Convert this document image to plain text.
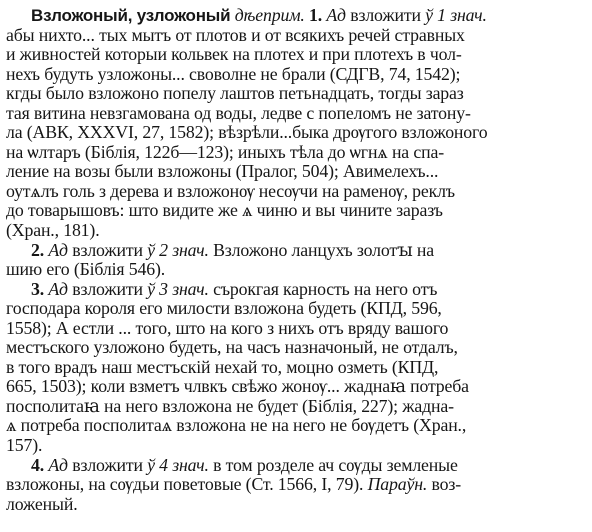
Взложоный, узложоный дѣеприм. 1. Ад взложити ў 1 знач.
абы нихто... тых мытъ от плотов и от всякихъ речей стравных
и живностей которыи кольвек на плотех и при плотехъ в чол-
нехъ будуть узложоны... своволне не брали (СДГВ, 74, 1542);
кгды было взложоно попелу лаштов петьнадцать, тогды зараз
тая витина невзгамована од воды, ледве с попеломъ не затону-
ла (АВК, XXXVI, 27, 1582); вѣзрѣли...быка дрѹгого взложоного
на ѡлтаръ (Біблія, 122б—123); иныхъ тѣла до ѡгнѧ на спа-
ление на возы были взложоны (Пралог, 504); Авимелехъ...
оутѧлъ голь з дерева и взложонѹ несѹчи на раменѹ, реклъ
до товарышовъ: што видите же ѧ чиню и вы чините заразъ
(Хран., 181).
2. Ад взложити ў 2 знач. Взложоно ланцухъ золотꙑ на
шию его (Біблія 546).
3. Ад взложити ў 3 знач. сърокгая карность на него отъ
господара короля его милости взложона будеть (КПД, 596,
1558); А естли ... того, што на кого з нихъ отъ вряду вашого
местъского узложоно будеть, на часъ назначоный, не отдалъ,
в того врадъ наш местъскій нехай то, моцно озметь (КПД,
665, 1503); коли взметъ члвкъ свѣжо жонѹ... жаднаꙗ потреба
посполитаꙗ на него взложона не будет (Біблія, 227); жадна-
ѧ потреба посполитаѧ взложона не на него не бѹдетъ (Хран.,
157).
4. Ад взложити ў 4 знач. в том розделе ач сѹды земленые
взложоны, на сѹдьи поветовые (Ст. 1566, I, 79). Параўн. воз-
ложеный.
